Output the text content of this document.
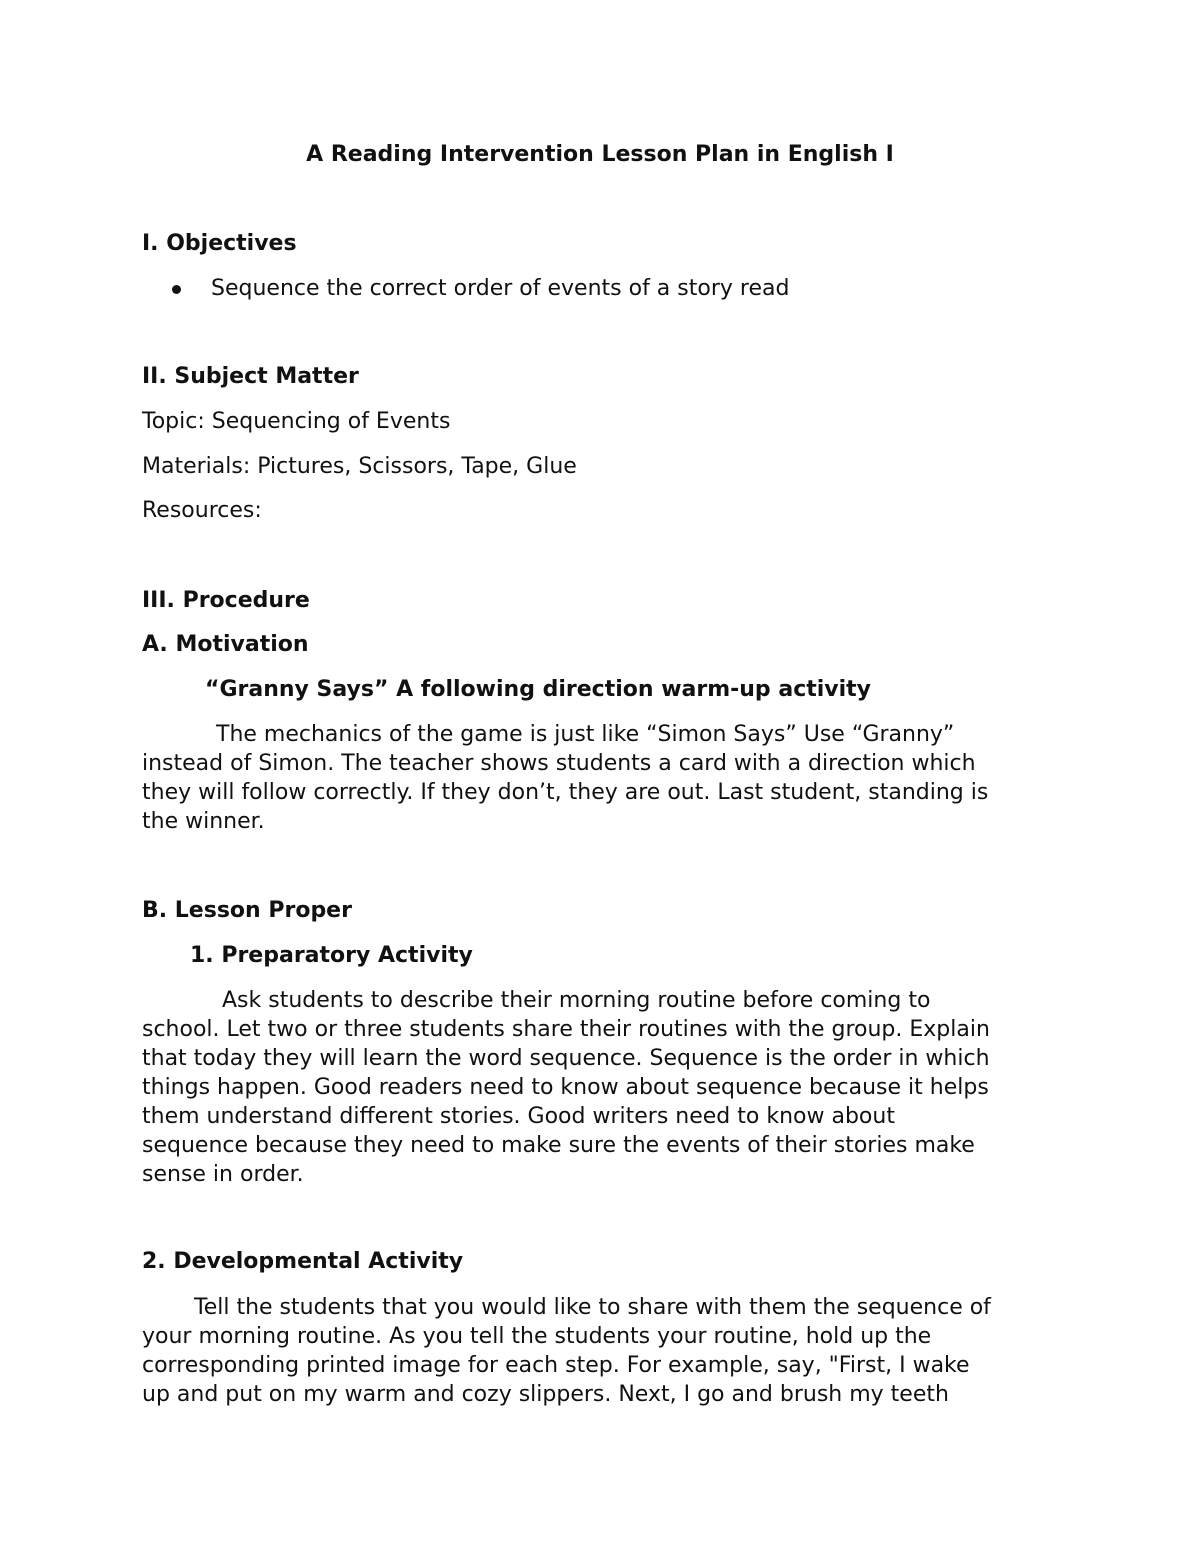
A Reading Intervention Lesson Plan in English I
I. Objectives
Sequence the correct order of events of a story read
II. Subject Matter
Topic: Sequencing of Events
Materials: Pictures, Scissors, Tape, Glue
Resources:
III. Procedure
A. Motivation
“Granny Says” A following direction warm-up activity
The mechanics of the game is just like “Simon Says” Use “Granny”
instead of Simon. The teacher shows students a card with a direction which
they will follow correctly. If they don’t, they are out. Last student, standing is
the winner.
B. Lesson Proper
1. Preparatory Activity
Ask students to describe their morning routine before coming to
school. Let two or three students share their routines with the group. Explain
that today they will learn the word sequence. Sequence is the order in which
things happen. Good readers need to know about sequence because it helps
them understand different stories. Good writers need to know about
sequence because they need to make sure the events of their stories make
sense in order.
2. Developmental Activity
Tell the students that you would like to share with them the sequence of
your morning routine. As you tell the students your routine, hold up the
corresponding printed image for each step. For example, say, "First, I wake
up and put on my warm and cozy slippers. Next, I go and brush my teeth
